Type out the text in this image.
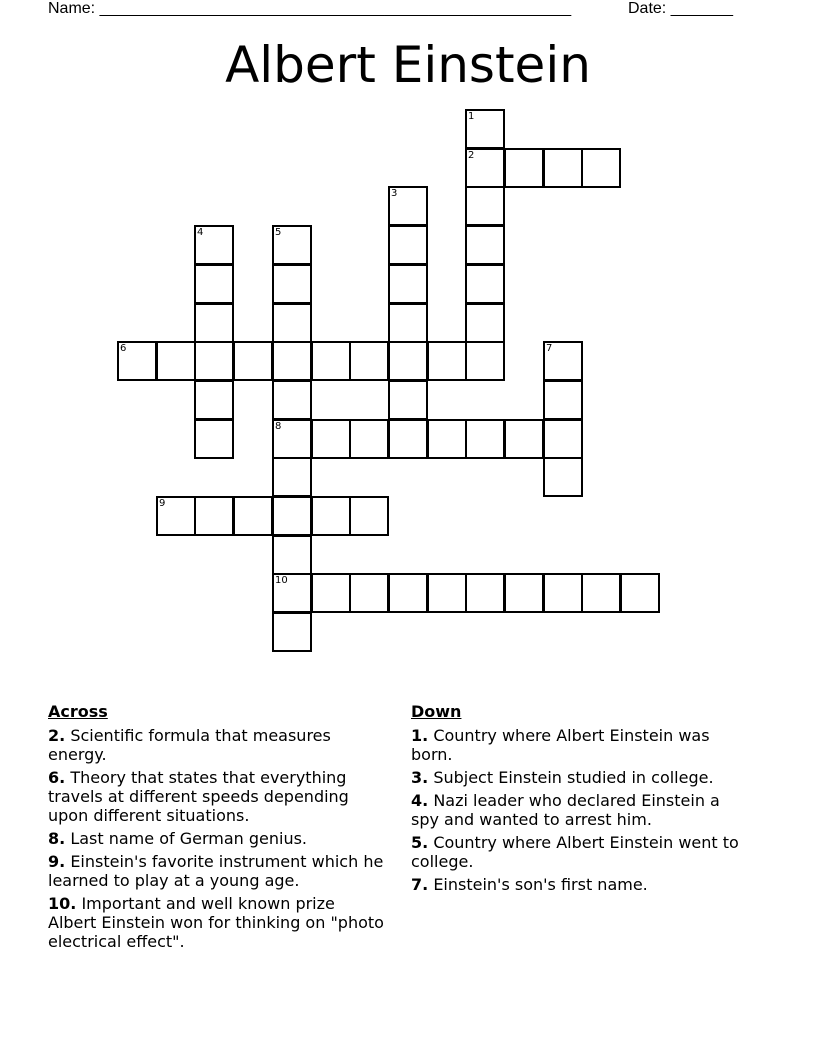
Name: _____________________________________________________	Date: _______
Albert Einstein
1
2
3
4	5
8
10
6	7
9
Across
2. Scientific formula that measures energy.
6. Theory that states that everything travels at different speeds depending upon different situations.
8. Last name of German genius.
9. Einstein's favorite instrument which he learned to play at a young age.
10. Important and well known prize Albert Einstein won for thinking on "photo electrical effect".
Down
1. Country where Albert Einstein was born.
3. Subject Einstein studied in college.
4. Nazi leader who declared Einstein a spy and wanted to arrest him.
5. Country where Albert Einstein went to college.
7. Einstein's son's first name.
